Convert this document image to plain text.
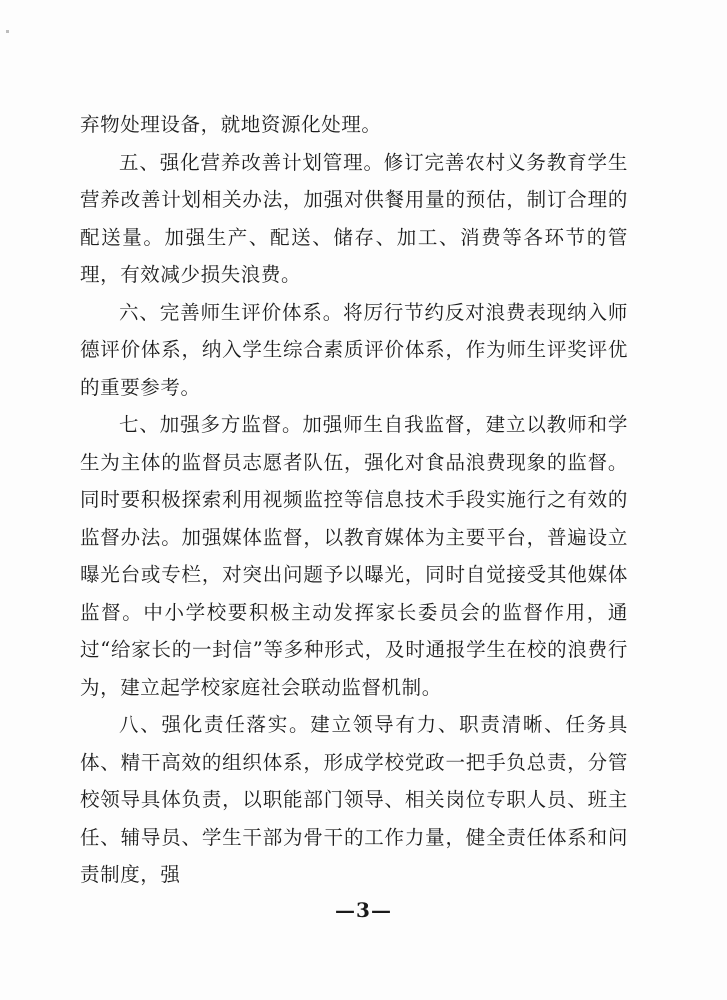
弃物处理设备，就地资源化处理。

五、强化营养改善计划管理。修订完善农村义务教育学生营养改善计划相关办法，加强对供餐用量的预估，制订合理的配送量。加强生产、配送、储存、加工、消费等各环节的管理，有效减少损失浪费。

六、完善师生评价体系。将厉行节约反对浪费表现纳入师德评价体系，纳入学生综合素质评价体系，作为师生评奖评优的重要参考。

七、加强多方监督。加强师生自我监督，建立以教师和学生为主体的监督员志愿者队伍，强化对食品浪费现象的监督。同时要积极探索利用视频监控等信息技术手段实施行之有效的监督办法。加强媒体监督，以教育媒体为主要平台，普遍设立曝光台或专栏，对突出问题予以曝光，同时自觉接受其他媒体监督。中小学校要积极主动发挥家长委员会的监督作用，通过“给家长的一封信”等多种形式，及时通报学生在校的浪费行为，建立起学校家庭社会联动监督机制。

八、强化责任落实。建立领导有力、职责清晰、任务具体、精干高效的组织体系，形成学校党政一把手负总责，分管校领导具体负责，以职能部门领导、相关岗位专职人员、班主任、辅导员、学生干部为骨干的工作力量，健全责任体系和问责制度，强

—3—
